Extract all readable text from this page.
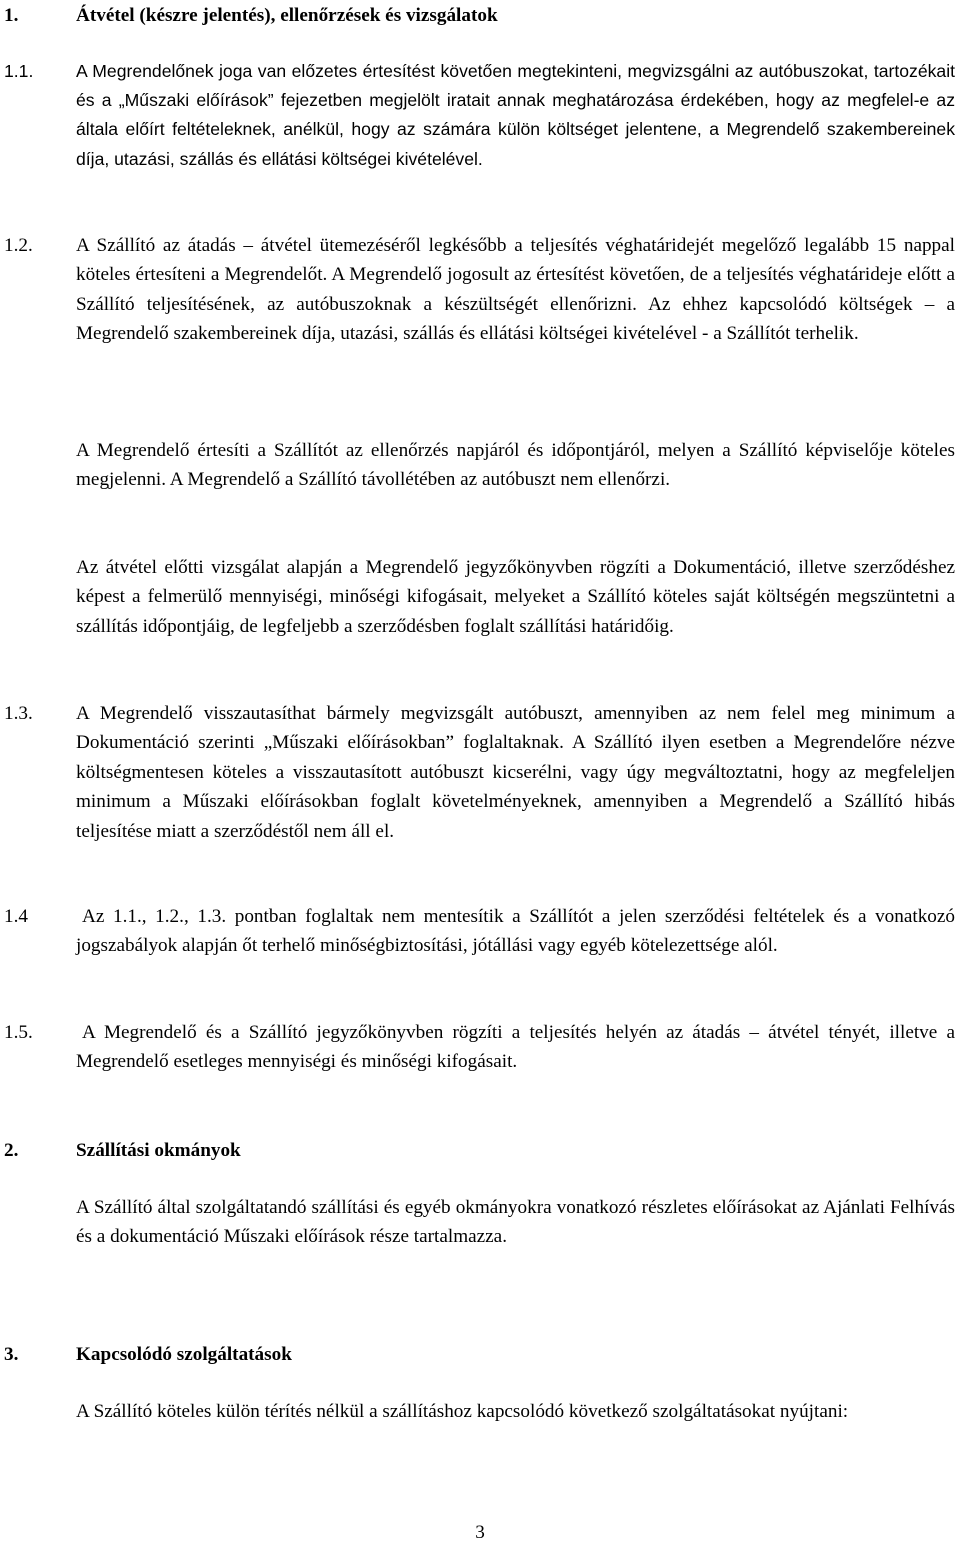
1.	Átvétel (készre jelentés), ellenőrzések és vizsgálatok
1.1. A Megrendelőnek joga van előzetes értesítést követően megtekinteni, megvizsgálni az autóbuszokat, tartozékait és a „Műszaki előírások” fejezetben megjelölt iratait annak meghatározása érdekében, hogy az megfelel-e az általa előírt feltételeknek, anélkül, hogy az számára külön költséget jelentene, a Megrendelő szakembereinek díja, utazási, szállás és ellátási költségei kivételével.
1.2. A Szállító az átadás – átvétel ütemezéséről legkésőbb a teljesítés véghatáridejét megelőző legalább 15 nappal köteles értesíteni a Megrendelőt. A Megrendelő jogosult az értesítést követően, de a teljesítés véghatárideje előtt a Szállító teljesítésének, az autóbuszoknak a készültségét ellenőrizni. Az ehhez kapcsolódó költségek – a Megrendelő szakembereinek díja, utazási, szállás és ellátási költségei kivételével - a Szállítót terhelik.
A Megrendelő értesíti a Szállítót az ellenőrzés napjáról és időpontjáról, melyen a Szállító képviselője köteles megjelenni. A Megrendelő a Szállító távollétében az autóbuszt nem ellenőrzi.
Az átvétel előtti vizsgálat alapján a Megrendelő jegyzőkönyvben rögzíti a Dokumentáció, illetve szerződéshez képest a felmerülő mennyiségi, minőségi kifogásait, melyeket a Szállító köteles saját költségén megszüntetni a szállítás időpontjáig, de legfeljebb a szerződésben foglalt szállítási határidőig.
1.3. A Megrendelő visszautasíthat bármely megvizsgált autóbuszt, amennyiben az nem felel meg minimum a Dokumentáció szerinti „Műszaki előírásokban” foglaltaknak. A Szállító ilyen esetben a Megrendelőre nézve költségmentesen köteles a visszautasított autóbuszt kicserélni, vagy úgy megváltoztatni, hogy az megfeleljen minimum a Műszaki előírásokban foglalt követelményeknek, amennyiben a Megrendelő a Szállító hibás teljesítése miatt a szerződéstől nem áll el.
1.4	Az 1.1., 1.2., 1.3. pontban foglaltak nem mentesítik a Szállítót a jelen szerződési feltételek és a vonatkozó jogszabályok alapján őt terhelő minőségbiztosítási, jótállási vagy egyéb kötelezettsége alól.
1.5.	A Megrendelő és a Szállító jegyzőkönyvben rögzíti a teljesítés helyén az átadás – átvétel tényét, illetve a Megrendelő esetleges mennyiségi és minőségi kifogásait.
2.	Szállítási okmányok
A Szállító által szolgáltatandó szállítási és egyéb okmányokra vonatkozó részletes előírásokat az Ajánlati Felhívás és a dokumentáció Műszaki előírások része tartalmazza.
3.	Kapcsolódó szolgáltatások
A Szállító köteles külön térítés nélkül a szállításhoz kapcsolódó következő szolgáltatásokat nyújtani:
3
